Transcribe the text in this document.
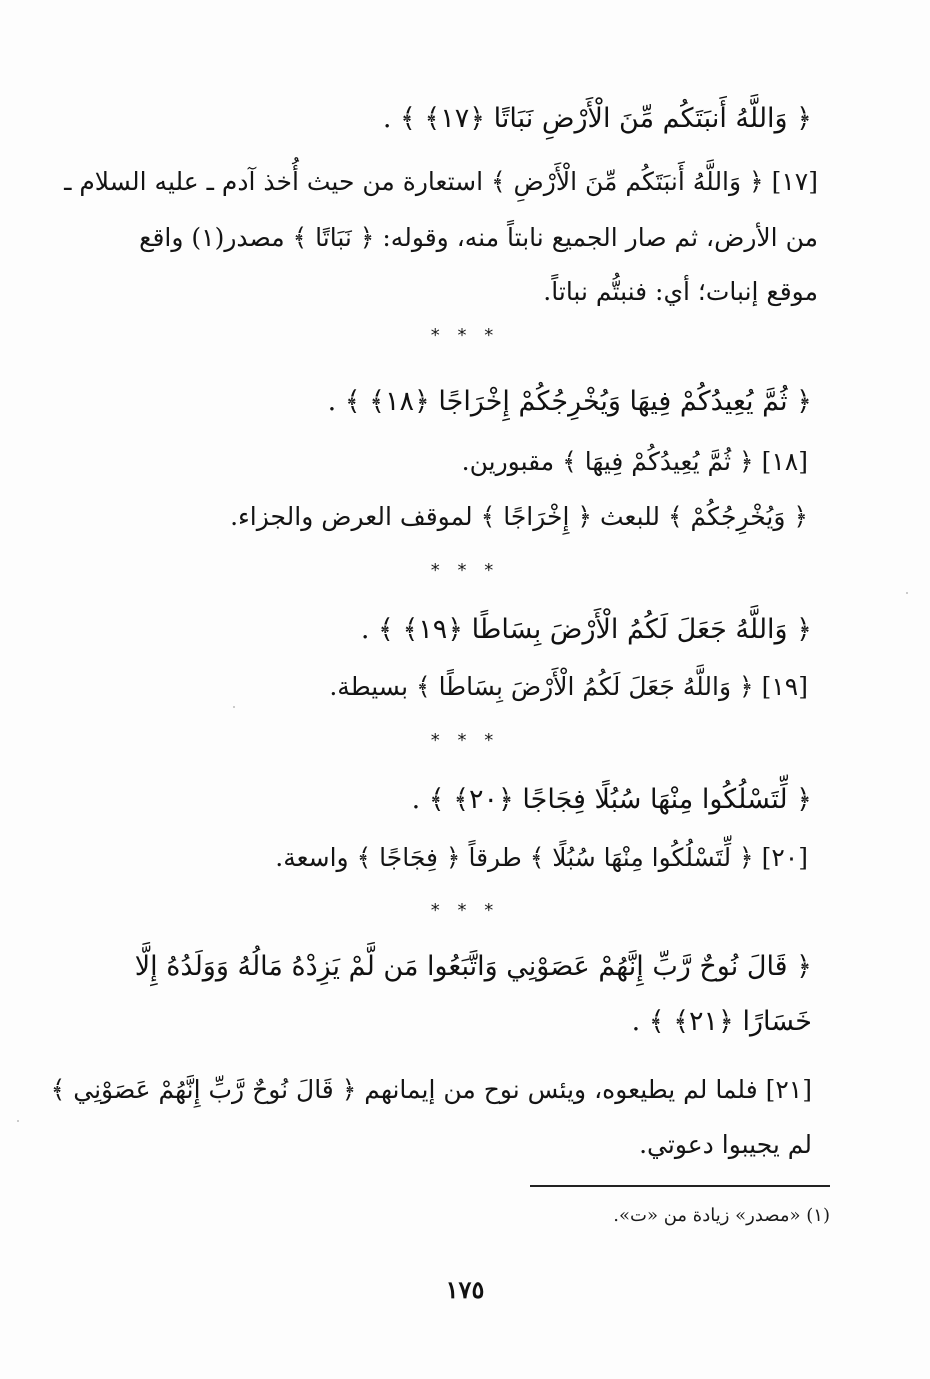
﴿ وَاللَّهُ أَنبَتَكُم مِّنَ الْأَرْضِ نَبَاتًا ﴿١٧﴾ ﴾ .
[١٧] ﴿ وَاللَّهُ أَنبَتَكُم مِّنَ الْأَرْضِ ﴾ استعارة من حيث أُخذ آدم ـ عليه السلام ـ
من الأرض، ثم صار الجميع نابتاً منه، وقوله: ﴿ نَبَاتًا ﴾ مصدر(١) واقع
موقع إنبات؛ أي: فنبتُّم نباتاً.
* * *
﴿ ثُمَّ يُعِيدُكُمْ فِيهَا وَيُخْرِجُكُمْ إِخْرَاجًا ﴿١٨﴾ ﴾ .
[١٨] ﴿ ثُمَّ يُعِيدُكُمْ فِيهَا ﴾ مقبورين.
﴿ وَيُخْرِجُكُمْ ﴾ للبعث ﴿ إِخْرَاجًا ﴾ لموقف العرض والجزاء.
* * *
﴿ وَاللَّهُ جَعَلَ لَكُمُ الْأَرْضَ بِسَاطًا ﴿١٩﴾ ﴾ .
[١٩] ﴿ وَاللَّهُ جَعَلَ لَكُمُ الْأَرْضَ بِسَاطًا ﴾ بسيطة.
* * *
﴿ لِّتَسْلُكُوا مِنْهَا سُبُلًا فِجَاجًا ﴿٢٠﴾ ﴾ .
[٢٠] ﴿ لِّتَسْلُكُوا مِنْهَا سُبُلًا ﴾ طرقاً ﴿ فِجَاجًا ﴾ واسعة.
* * *
﴿ قَالَ نُوحٌ رَّبِّ إِنَّهُمْ عَصَوْنِي وَاتَّبَعُوا مَن لَّمْ يَزِدْهُ مَالُهُ وَوَلَدُهُ إِلَّا
خَسَارًا ﴿٢١﴾ ﴾ .
[٢١] فلما لم يطيعوه، ويئس نوح من إيمانهم ﴿ قَالَ نُوحٌ رَّبِّ إِنَّهُمْ عَصَوْنِي ﴾
لم يجيبوا دعوتي.
(١) «مصدر» زيادة من «ت».
١٧٥
